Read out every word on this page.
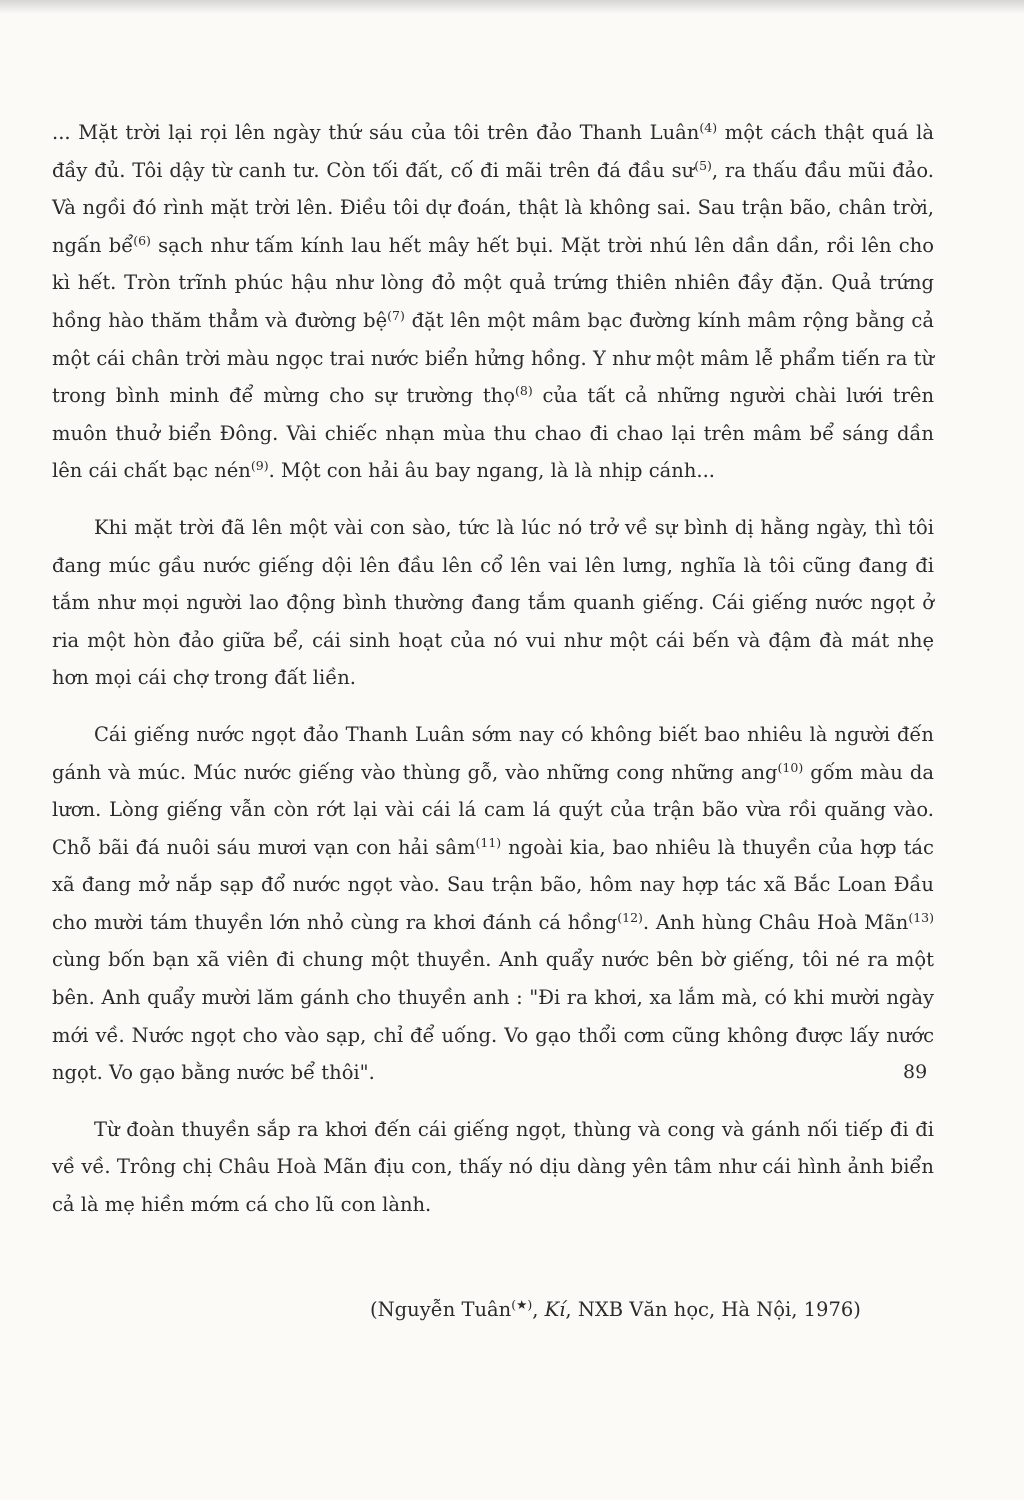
... Mặt trời lại rọi lên ngày thứ sáu của tôi trên đảo Thanh Luân$^{(4)}$ một cách thật quá là đầy đủ. Tôi dậy từ canh tư. Còn tối đất, cố đi mãi trên đá đầu sư$^{(5)}$, ra thấu đầu mũi đảo. Và ngồi đó rình mặt trời lên. Điều tôi dự đoán, thật là không sai. Sau trận bão, chân trời, ngấn bể$^{(6)}$ sạch như tấm kính lau hết mây hết bụi. Mặt trời nhú lên dần dần, rồi lên cho kì hết. Tròn trĩnh phúc hậu như lòng đỏ một quả trứng thiên nhiên đầy đặn. Quả trứng hồng hào thăm thẳm và đường bệ$^{(7)}$ đặt lên một mâm bạc đường kính mâm rộng bằng cả một cái chân trời màu ngọc trai nước biển hửng hồng. Y như một mâm lễ phẩm tiến ra từ trong bình minh để mừng cho sự trường thọ$^{(8)}$ của tất cả những người chài lưới trên muôn thuở biển Đông. Vài chiếc nhạn mùa thu chao đi chao lại trên mâm bể sáng dần lên cái chất bạc nén$^{(9)}$. Một con hải âu bay ngang, là là nhịp cánh...

Khi mặt trời đã lên một vài con sào, tức là lúc nó trở về sự bình dị hằng ngày, thì tôi đang múc gầu nước giếng dội lên đầu lên cổ lên vai lên lưng, nghĩa là tôi cũng đang đi tắm như mọi người lao động bình thường đang tắm quanh giếng. Cái giếng nước ngọt ở ria một hòn đảo giữa bể, cái sinh hoạt của nó vui như một cái bến và đậm đà mát nhẹ hơn mọi cái chợ trong đất liền.

Cái giếng nước ngọt đảo Thanh Luân sớm nay có không biết bao nhiêu là người đến gánh và múc. Múc nước giếng vào thùng gỗ, vào những cong những ang$^{(10)}$ gốm màu da lươn. Lòng giếng vẫn còn rớt lại vài cái lá cam lá quýt của trận bão vừa rồi quăng vào. Chỗ bãi đá nuôi sáu mươi vạn con hải sâm$^{(11)}$ ngoài kia, bao nhiêu là thuyền của hợp tác xã đang mở nắp sạp đổ nước ngọt vào. Sau trận bão, hôm nay hợp tác xã Bắc Loan Đầu cho mười tám thuyền lớn nhỏ cùng ra khơi đánh cá hồng$^{(12)}$. Anh hùng Châu Hoà Mãn$^{(13)}$ cùng bốn bạn xã viên đi chung một thuyền. Anh quẩy nước bên bờ giếng, tôi né ra một bên. Anh quẩy mười lăm gánh cho thuyền anh : "Đi ra khơi, xa lắm mà, có khi mười ngày mới về. Nước ngọt cho vào sạp, chỉ để uống. Vo gạo thổi cơm cũng không được lấy nước ngọt. Vo gạo bằng nước bể thôi".

Từ đoàn thuyền sắp ra khơi đến cái giếng ngọt, thùng và cong và gánh nối tiếp đi đi về về. Trông chị Châu Hoà Mãn địu con, thấy nó dịu dàng yên tâm như cái hình ảnh biển cả là mẹ hiền mớm cá cho lũ con lành.

(Nguyễn Tuân(★), Kí, NXB Văn học, Hà Nội, 1976)
89
